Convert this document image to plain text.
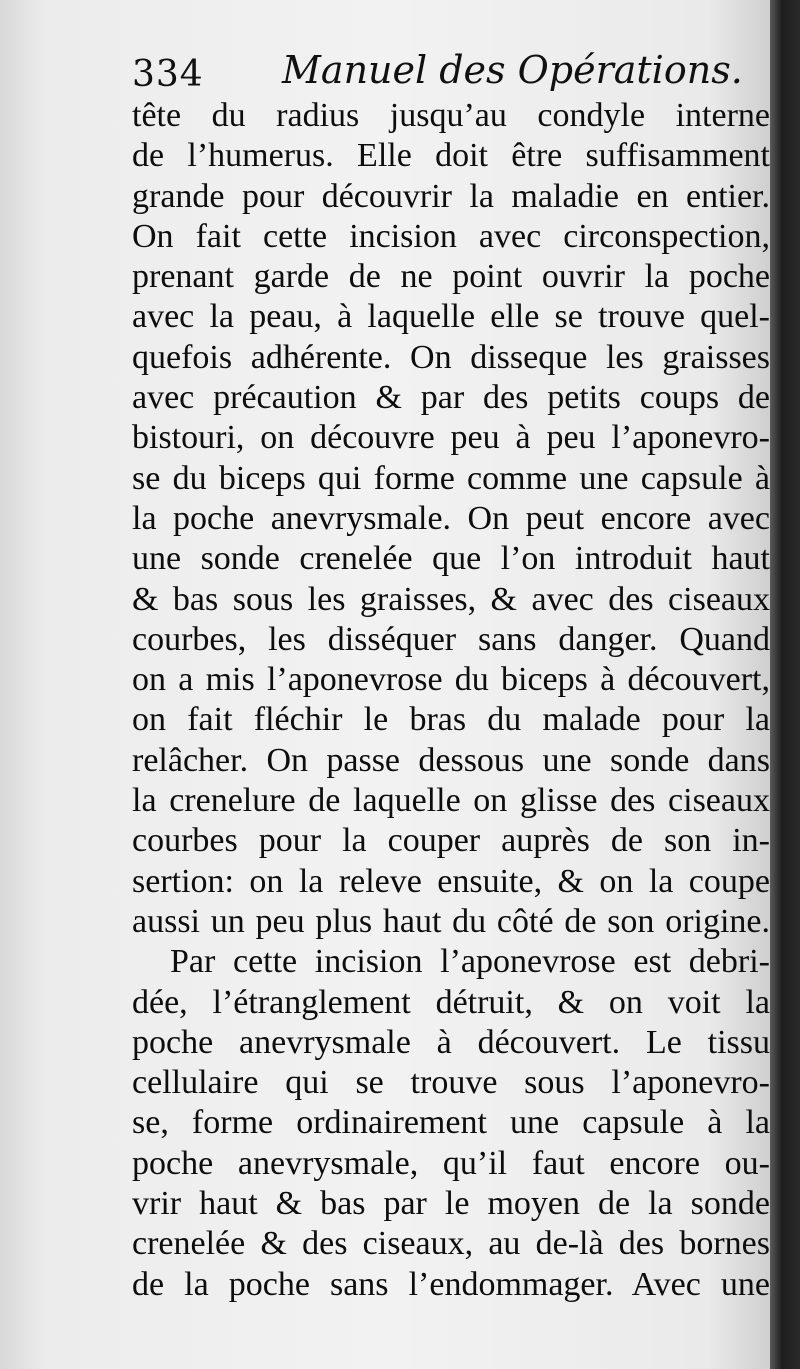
334 Manuel des Opérations.
tête du radius jusqu’au condyle interne
de l’humerus. Elle doit être suffisamment
grande pour découvrir la maladie en entier.
On fait cette incision avec circonspection,
prenant garde de ne point ouvrir la poche
avec la peau, à laquelle elle se trouve quel-
quefois adhérente. On disseque les graisses
avec précaution & par des petits coups de
bistouri, on découvre peu à peu l’aponevro-
se du biceps qui forme comme une capsule à
la poche anevrysmale. On peut encore avec
une sonde crenelée que l’on introduit haut
& bas sous les graisses, & avec des ciseaux
courbes, les disséquer sans danger. Quand
on a mis l’aponevrose du biceps à découvert,
on fait fléchir le bras du malade pour la
relâcher. On passe dessous une sonde dans
la crenelure de laquelle on glisse des ciseaux
courbes pour la couper auprès de son in-
sertion: on la releve ensuite, & on la coupe
aussi un peu plus haut du côté de son origine.
Par cette incision l’aponevrose est debri-
dée, l’étranglement détruit, & on voit la
poche anevrysmale à découvert. Le tissu
cellulaire qui se trouve sous l’aponevro-
se, forme ordinairement une capsule à la
poche anevrysmale, qu’il faut encore ou-
vrir haut & bas par le moyen de la sonde
crenelée & des ciseaux, au de-là des bornes
de la poche sans l’endommager. Avec une
